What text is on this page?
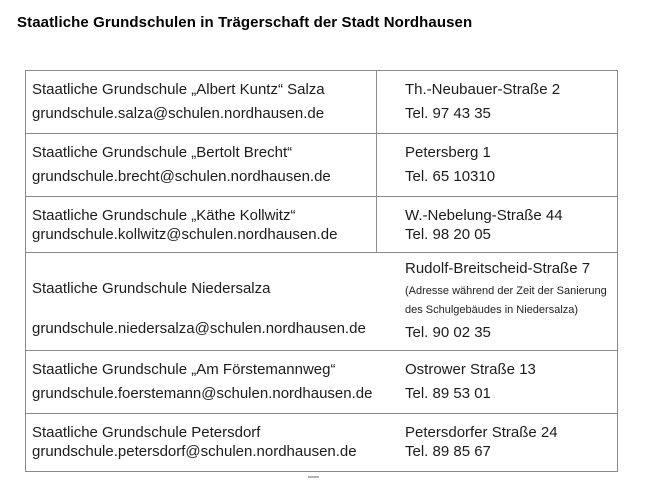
Staatliche Grundschulen in Trägerschaft der Stadt Nordhausen
Staatliche Grundschule „Albert Kuntz“ Salza
grundschule.salza@schulen.nordhausen.de
Th.-Neubauer-Straße 2
Tel. 97 43 35
Staatliche Grundschule „Bertolt Brecht“
grundschule.brecht@schulen.nordhausen.de
Petersberg 1
Tel. 65 10310
Staatliche Grundschule „Käthe Kollwitz“
grundschule.kollwitz@schulen.nordhausen.de
W.-Nebelung-Straße 44
Tel. 98 20 05
Staatliche Grundschule Niedersalza
grundschule.niedersalza@schulen.nordhausen.de
Rudolf-Breitscheid-Straße 7
(Adresse während der Zeit der Sanierung
des Schulgebäudes in Niedersalza)
Tel. 90 02 35
Staatliche Grundschule „Am Förstemannweg“
grundschule.foerstemann@schulen.nordhausen.de
Ostrower Straße 13
Tel. 89 53 01
Staatliche Grundschule Petersdorf
grundschule.petersdorf@schulen.nordhausen.de
Petersdorfer Straße 24
Tel. 89 85 67
